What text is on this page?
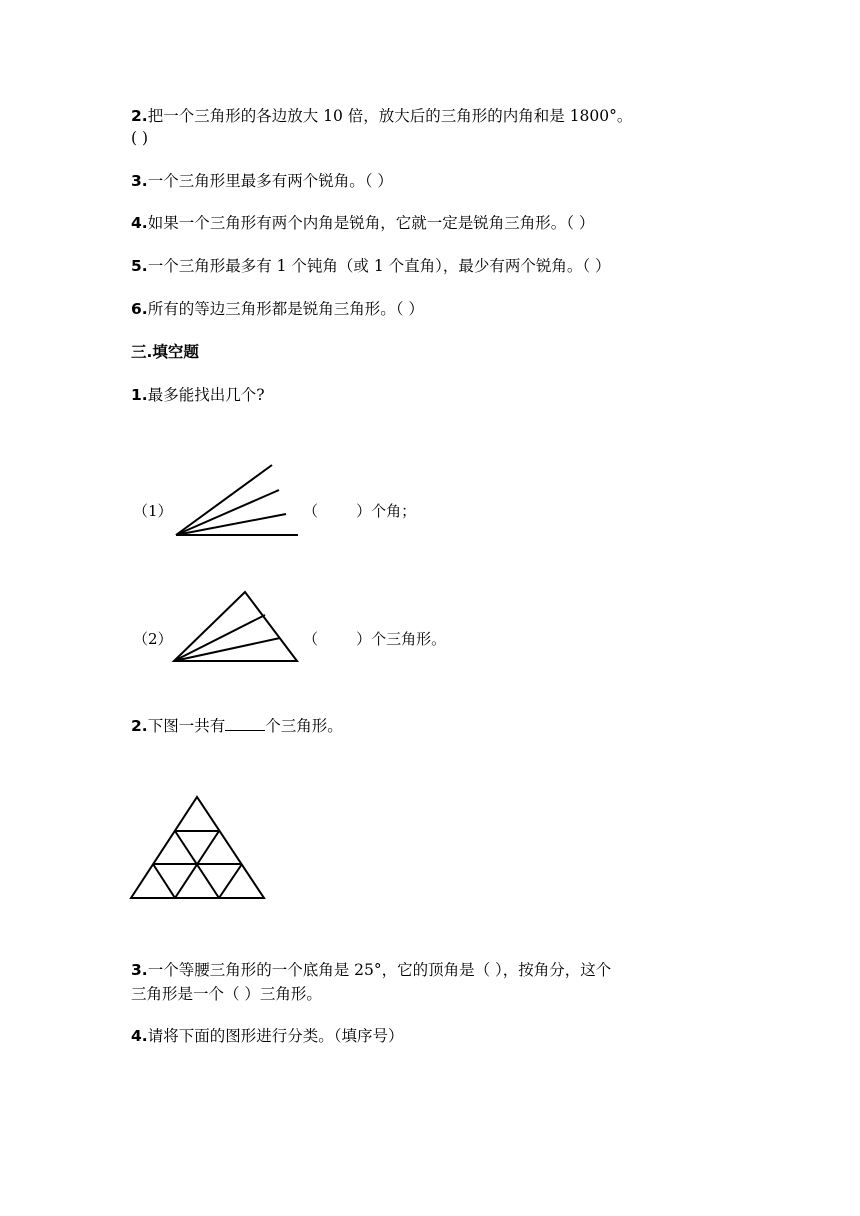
2.把一个三角形的各边放大 10 倍，放大后的三角形的内角和是 1800°。
( )
3.一个三角形里最多有两个锐角。（ ）
4.如果一个三角形有两个内角是锐角，它就一定是锐角三角形。（ ）
5.一个三角形最多有 1 个钝角（或 1 个直角），最少有两个锐角。（ ）
6.所有的等边三角形都是锐角三角形。（ ）
三.填空题
1.最多能找出几个?
（1）	（        ）个角；
（2）	（        ）个三角形。
2.下图一共有	个三角形。
3.一个等腰三角形的一个底角是 25°，它的顶角是（ ），按角分，这个
三角形是一个（ ）三角形。
4.请将下面的图形进行分类。（填序号）
